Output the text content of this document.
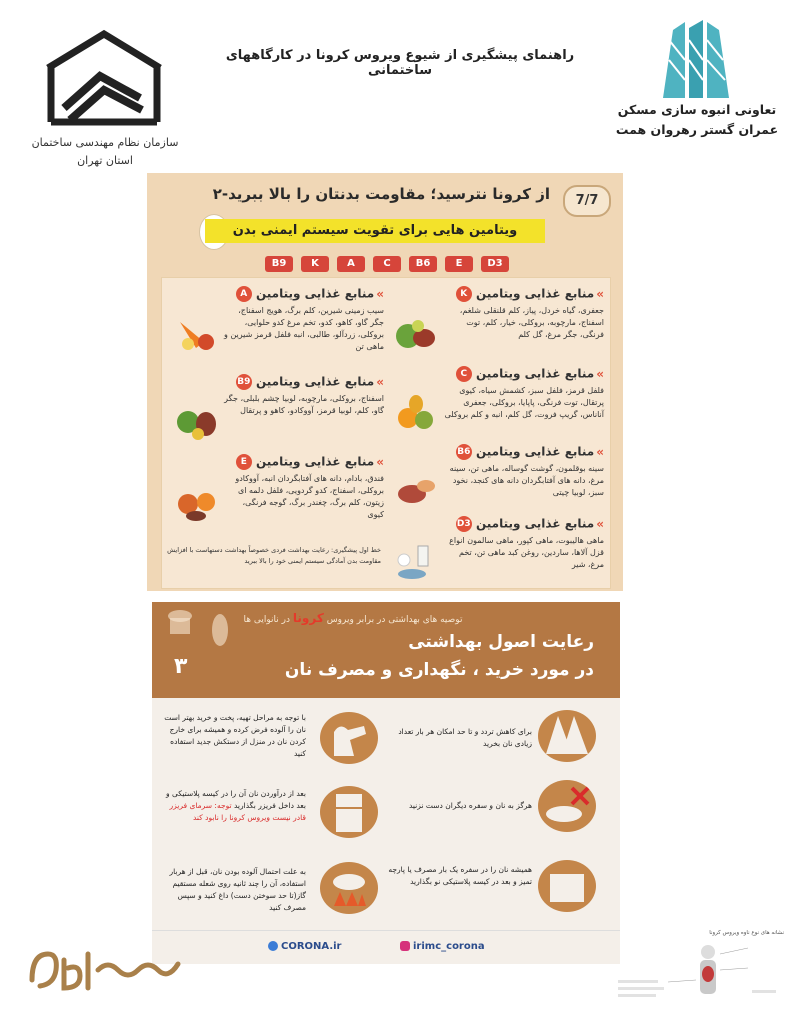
سازمان نظام مهندسی ساختمان
استان تهران
راهنمای پیشگیری از شیوع ویروس کرونا در کارگاههای ساختمانی
تعاونی انبوه سازی مسکن
عمران گستر رهروان همت
7/7
از کرونا نترسید؛ مقاومت بدنتان را بالا ببرید-۲
ویتامین هایی برای تقویت سیستم ایمنی بدن
D3
E
B6
C
A
K
B9
»منابع غذایی ویتامین K
جعفری، گیاه خردل، پیاز، کلم قلنقلی شلغم، اسفناج، مارچوبه، بروکلی، خیار، کلم، توت فرنگی، جگر مرغ، گل کلم
»منابع غذایی ویتامین C
فلفل قرمز، فلفل سبز، کشمش سیاه، کیوی پرتقال، توت فرنگی، پاپایا، بروکلی، جعفری آناناس، گریپ فروت، گل کلم، انبه و کلم بروکلی
»منابع غذایی ویتامین B6
سینه بوقلمون، گوشت گوساله، ماهی تن، سینه مرغ، دانه های آفتابگردان دانه های کنجد، نخود سبز، لوبیا چیتی
»منابع غذایی ویتامین D3
ماهی هالیبوت، ماهی کپور، ماهی سالمون انواع قزل آلاها، ساردین، روغن کبد ماهی تن، تخم مرغ، شیر
»منابع غذایی ویتامین A
سیب زمینی شیرین، کلم برگ، هویج اسفناج، جگر گاو، کاهو، کدو، تخم مرغ کدو حلوایی، بروکلی، زردآلو، طالبی، انبه فلفل قرمز شیرین و ماهی تن
»منابع غذایی ویتامین B9
اسفناج، بروکلی، مارچوبه، لوبیا چشم بلبلی، جگر گاو، کلم، لوبیا قرمز، آووکادو، کاهو و پرتقال
»منابع غذایی ویتامین E
فندق، بادام، دانه های آفتابگردان انبه، آووکادو بروکلی، اسفناج، کدو گردویی، فلفل دلمه ای زیتون، کلم برگ، چغندر برگ، گوجه فرنگی، کیوی
خط اول پیشگیری: رعایت بهداشت فردی خصوصاً بهداشت دستهاست با افزایش مقاومت بدن آمادگی سیستم ایمنی خود را بالا ببرید
توصیه های بهداشتی در برابر ویروس کرونا در نانوایی ها
رعایت اصول بهداشتی
در مورد خرید ، نگهداری و مصرف نان
۳
برای کاهش تردد و تا حد امکان هر بار تعداد زیادی نان بخرید
هرگز به نان و سفره دیگران دست نزنید
همیشه نان را در سفره یک بار مصرف یا پارچه تمیز و بعد در کیسه پلاستیکی نو بگذارید
با توجه به مراحل تهیه، پخت و خرید بهتر است نان را آلوده فرض کرده و همیشه برای خارج کردن نان در منزل از دستکش جدید استفاده کنید
بعد از درآوردن نان آن را در کیسه پلاستیکی و بعد داخل فریزر بگذارید توجه: سرمای فریزر قادر نیست ویروس کرونا را نابود کند
به علت احتمال آلوده بودن نان، قبل از هربار استفاده، آن را چند ثانیه روی شعله مستقیم گاز(تا حد سوختن دست) داغ کنید و سپس مصرف کنید
CORONA.ir	irimc_corona
نشانه های نوع ناوه ویروس کرونا
